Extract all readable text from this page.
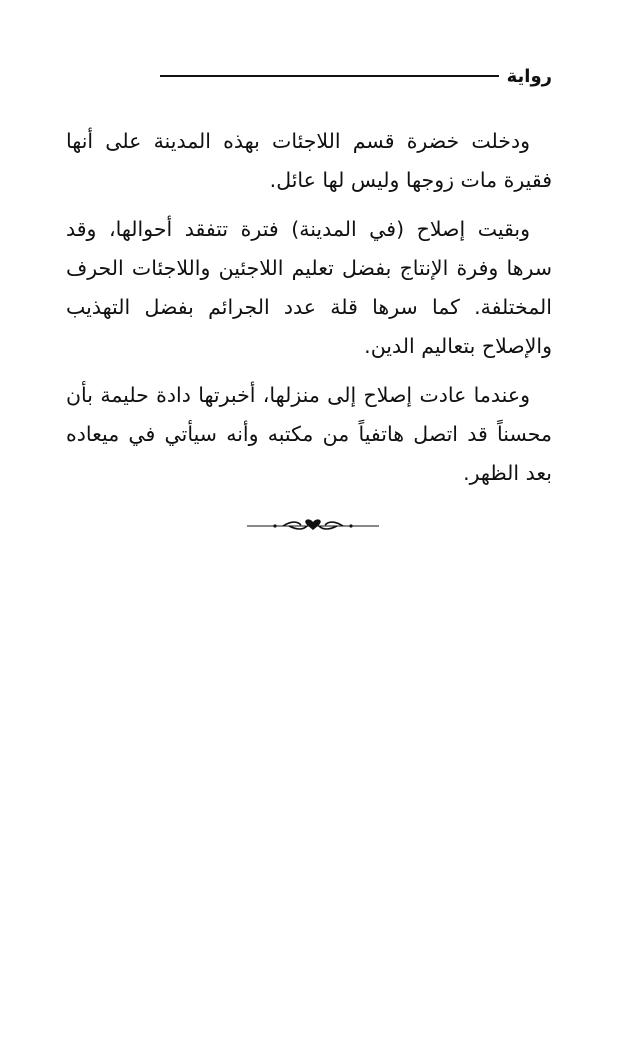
رواية

ودخلت خضرة قسم اللاجئات بهذه المدينة على أنها فقيرة مات زوجها وليس لها عائل.

وبقيت إصلاح (في المدينة) فترة تتفقد أحوالها، وقد سرها وفرة الإنتاج بفضل تعليم اللاجئين واللاجئات الحرف المختلفة. كما سرها قلة عدد الجرائم بفضل التهذيب والإصلاح بتعاليم الدين.

وعندما عادت إصلاح إلى منزلها، أخبرتها دادة حليمة بأن محسناً قد اتصل هاتفياً من مكتبه وأنه سيأتي في ميعاده بعد الظهر.
